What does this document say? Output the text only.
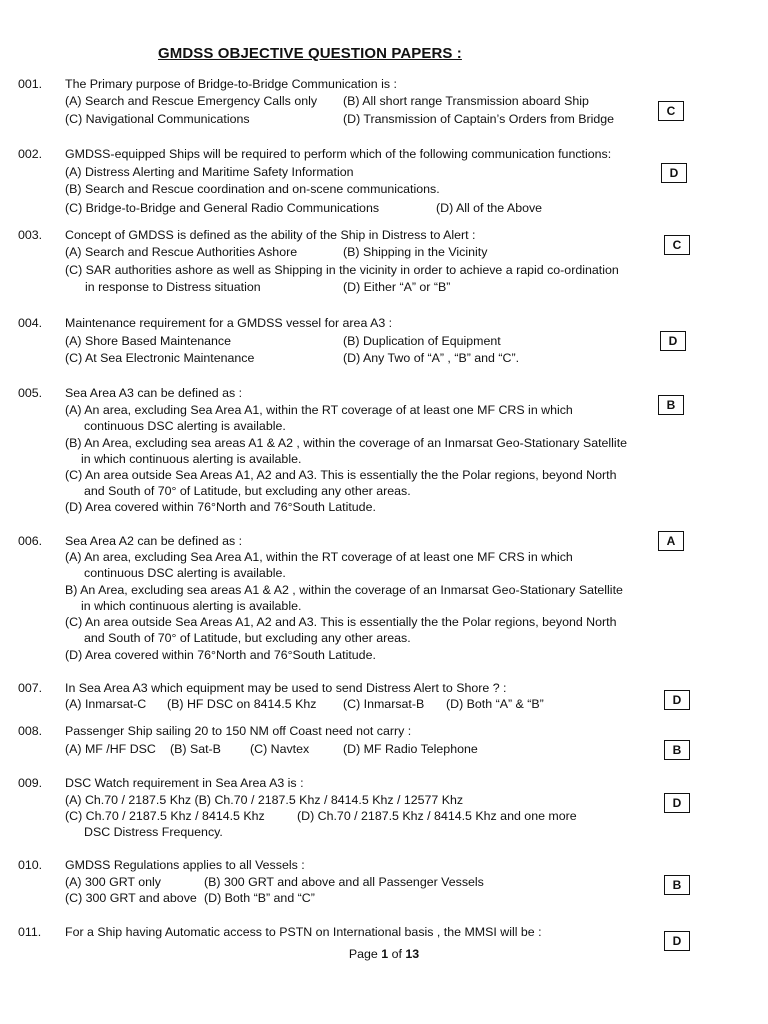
GMDSS OBJECTIVE QUESTION PAPERS :
001. The Primary purpose of Bridge-to-Bridge Communication is :
(A) Search and Rescue Emergency Calls only (B) All short range Transmission aboard Ship
(C) Navigational Communications	(D) Transmission of Captain’s Orders from Bridge
C
002. GMDSS-equipped Ships will be required to perform which of the following communication functions:
(A) Distress Alerting and Maritime Safety Information
(B) Search and Rescue coordination and on-scene communications.
(C) Bridge-to-Bridge and General Radio Communications	(D) All of the Above
D
003. Concept of GMDSS is defined as the ability of the Ship in Distress to Alert :
(A) Search and Rescue Authorities Ashore	(B) Shipping in the Vicinity
(C) SAR authorities ashore as well as Shipping in the vicinity in order to achieve a rapid co-ordination
in response to Distress situation	(D) Either “A” or “B”
C
004. Maintenance requirement for a GMDSS vessel for area A3 :
(A) Shore Based Maintenance	(B) Duplication of Equipment
(C) At Sea Electronic Maintenance	(D) Any Two of “A” , “B” and “C”.
D
005. Sea Area A3 can be defined as :
(A) An area, excluding Sea Area A1, within the RT coverage of at least one MF CRS in which
continuous DSC alerting is available.
(B) An Area, excluding sea areas A1 & A2 , within the coverage of an Inmarsat Geo-Stationary Satellite
in which continuous alerting is available.
(C) An area outside Sea Areas A1, A2 and A3. This is essentially the the Polar regions, beyond North
and South of 70° of Latitude, but excluding any other areas.
(D) Area covered within 76°North and 76°South Latitude.
B
006. Sea Area A2 can be defined as :
(A) An area, excluding Sea Area A1, within the RT coverage of at least one MF CRS in which
continuous DSC alerting is available.
B) An Area, excluding sea areas A1 & A2 , within the coverage of an Inmarsat Geo-Stationary Satellite
in which continuous alerting is available.
(C) An area outside Sea Areas A1, A2 and A3. This is essentially the the Polar regions, beyond North
and South of 70° of Latitude, but excluding any other areas.
(D) Area covered within 76°North and 76°South Latitude.
A
007. In Sea Area A3 which equipment may be used to send Distress Alert to Shore ? :
(A) Inmarsat-C (B) HF DSC on 8414.5 Khz (C) Inmarsat-B (D) Both “A” & “B”	D
008. Passenger Ship sailing 20 to 150 NM off Coast need not carry :
(A) MF /HF DSC (B) Sat-B (C) Navtex	(D) MF Radio Telephone	B
009. DSC Watch requirement in Sea Area A3 is :
(A) Ch.70 / 2187.5 Khz (B) Ch.70 / 2187.5 Khz / 8414.5 Khz / 12577 Khz
(C) Ch.70 / 2187.5 Khz / 8414.5 Khz	(D) Ch.70 / 2187.5 Khz / 8414.5 Khz and one more
DSC Distress Frequency.
D
010. GMDSS Regulations applies to all Vessels :
(A) 300 GRT only	(B) 300 GRT and above and all Passenger Vessels
(C) 300 GRT and above (D) Both “B” and “C”
B
011. For a Ship having Automatic access to PSTN on International basis , the MMSI will be :
D
Page 1 of 13
